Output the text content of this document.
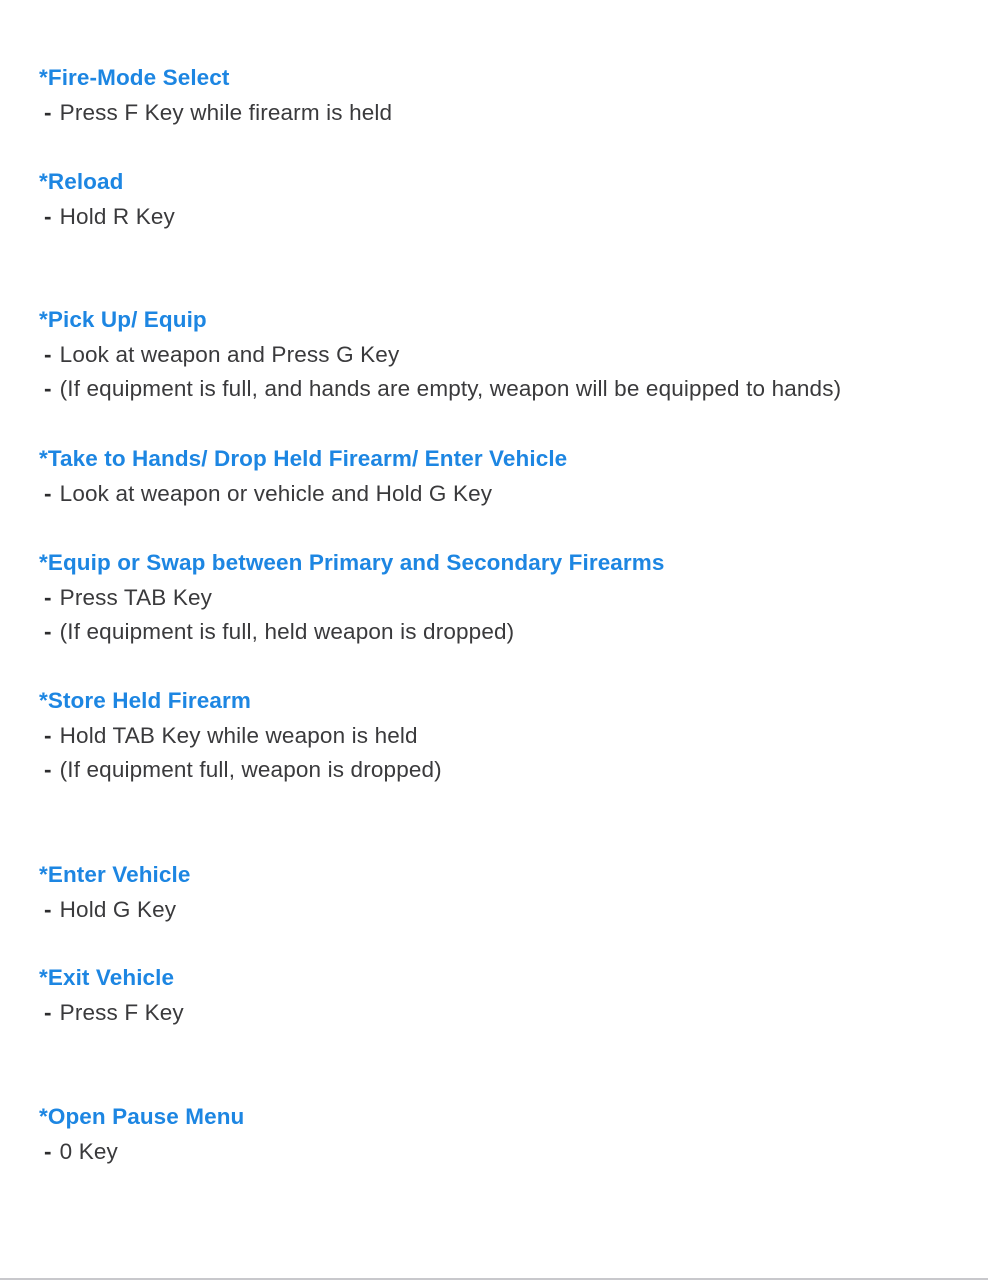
*Fire-Mode Select
- Press F Key while firearm is held
*Reload
- Hold R Key
*Pick Up/ Equip
- Look at weapon and Press G Key
- (If equipment is full, and hands are empty, weapon will be equipped to hands)
*Take to Hands/ Drop Held Firearm/ Enter Vehicle
- Look at weapon or vehicle and Hold G Key
*Equip or Swap between Primary and Secondary Firearms
- Press TAB Key
- (If equipment is full, held weapon is dropped)
*Store Held Firearm
- Hold TAB Key while weapon is held
- (If equipment full, weapon is dropped)
*Enter Vehicle
- Hold G Key
*Exit Vehicle
- Press F Key
*Open Pause Menu
- 0 Key
